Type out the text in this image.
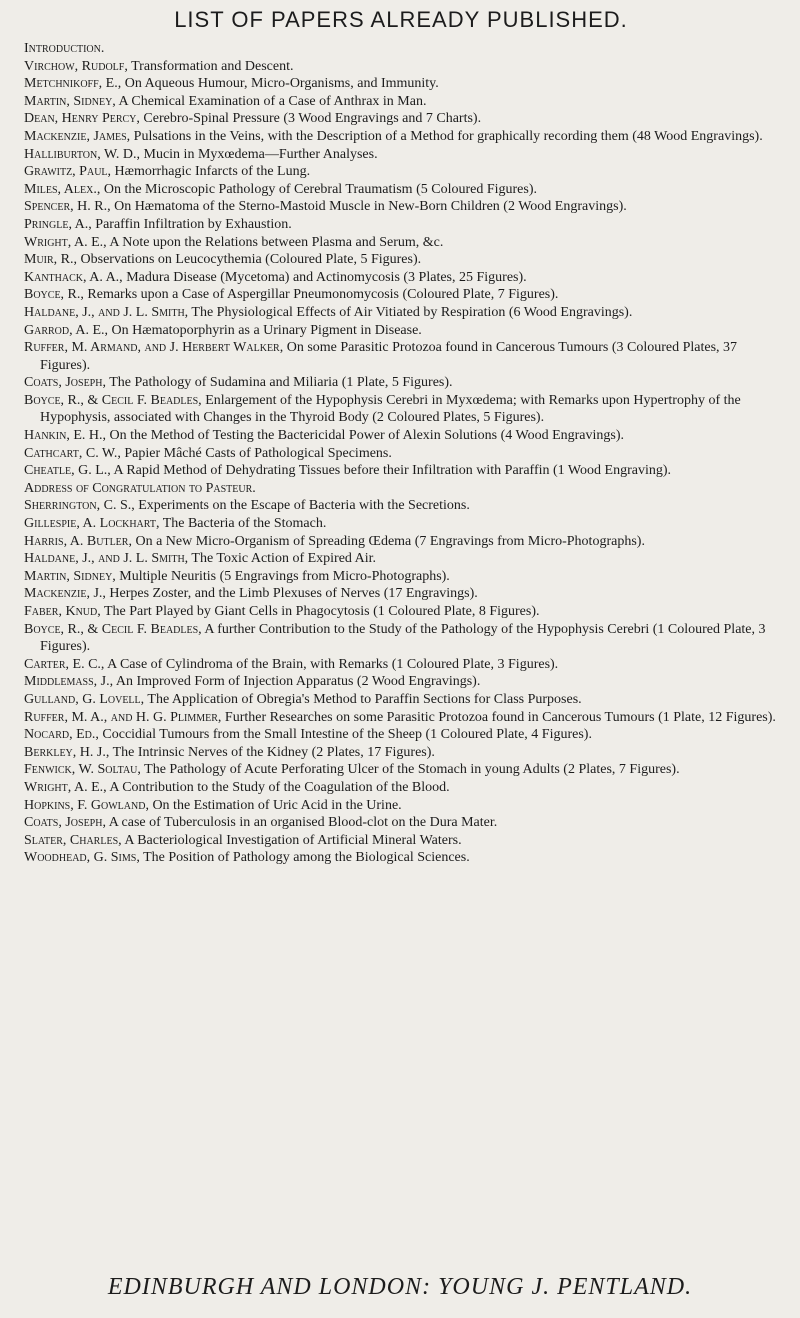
LIST OF PAPERS ALREADY PUBLISHED.
Introduction.
Virchow, Rudolf, Transformation and Descent.
Metchnikoff, E., On Aqueous Humour, Micro-Organisms, and Immunity.
Martin, Sidney, A Chemical Examination of a Case of Anthrax in Man.
Dean, Henry Percy, Cerebro-Spinal Pressure (3 Wood Engravings and 7 Charts).
Mackenzie, James, Pulsations in the Veins, with the Description of a Method for graphically recording them (48 Wood Engravings).
Halliburton, W. D., Mucin in Myxœdema—Further Analyses.
Grawitz, Paul, Hæmorrhagic Infarcts of the Lung.
Miles, Alex., On the Microscopic Pathology of Cerebral Traumatism (5 Coloured Figures).
Spencer, H. R., On Hæmatoma of the Sterno-Mastoid Muscle in New-Born Children (2 Wood Engravings).
Pringle, A., Paraffin Infiltration by Exhaustion.
Wright, A. E., A Note upon the Relations between Plasma and Serum, &c.
Muir, R., Observations on Leucocythemia (Coloured Plate, 5 Figures).
Kanthack, A. A., Madura Disease (Mycetoma) and Actinomycosis (3 Plates, 25 Figures).
Boyce, R., Remarks upon a Case of Aspergillar Pneumonomycosis (Coloured Plate, 7 Figures).
Haldane, J., and J. L. Smith, The Physiological Effects of Air Vitiated by Respiration (6 Wood Engravings).
Garrod, A. E., On Hæmatoporphyrin as a Urinary Pigment in Disease.
Ruffer, M. Armand, and J. Herbert Walker, On some Parasitic Protozoa found in Cancerous Tumours (3 Coloured Plates, 37 Figures).
Coats, Joseph, The Pathology of Sudamina and Miliaria (1 Plate, 5 Figures).
Boyce, R., & Cecil F. Beadles, Enlargement of the Hypophysis Cerebri in Myxœdema; with Remarks upon Hypertrophy of the Hypophysis, associated with Changes in the Thyroid Body (2 Coloured Plates, 5 Figures).
Hankin, E. H., On the Method of Testing the Bactericidal Power of Alexin Solutions (4 Wood Engravings).
Cathcart, C. W., Papier Mâché Casts of Pathological Specimens.
Cheatle, G. L., A Rapid Method of Dehydrating Tissues before their Infiltration with Paraffin (1 Wood Engraving).
Address of Congratulation to Pasteur.
Sherrington, C. S., Experiments on the Escape of Bacteria with the Secretions.
Gillespie, A. Lockhart, The Bacteria of the Stomach.
Harris, A. Butler, On a New Micro-Organism of Spreading Œdema (7 Engravings from Micro-Photographs).
Haldane, J., and J. L. Smith, The Toxic Action of Expired Air.
Martin, Sidney, Multiple Neuritis (5 Engravings from Micro-Photographs).
Mackenzie, J., Herpes Zoster, and the Limb Plexuses of Nerves (17 Engravings).
Faber, Knud, The Part Played by Giant Cells in Phagocytosis (1 Coloured Plate, 8 Figures).
Boyce, R., & Cecil F. Beadles, A further Contribution to the Study of the Pathology of the Hypophysis Cerebri (1 Coloured Plate, 3 Figures).
Carter, E. C., A Case of Cylindroma of the Brain, with Remarks (1 Coloured Plate, 3 Figures).
Middlemass, J., An Improved Form of Injection Apparatus (2 Wood Engravings).
Gulland, G. Lovell, The Application of Obregia's Method to Paraffin Sections for Class Purposes.
Ruffer, M. A., and H. G. Plimmer, Further Researches on some Parasitic Protozoa found in Cancerous Tumours (1 Plate, 12 Figures).
Nocard, Ed., Coccidial Tumours from the Small Intestine of the Sheep (1 Coloured Plate, 4 Figures).
Berkley, H. J., The Intrinsic Nerves of the Kidney (2 Plates, 17 Figures).
Fenwick, W. Soltau, The Pathology of Acute Perforating Ulcer of the Stomach in young Adults (2 Plates, 7 Figures).
Wright, A. E., A Contribution to the Study of the Coagulation of the Blood.
Hopkins, F. Gowland, On the Estimation of Uric Acid in the Urine.
Coats, Joseph, A case of Tuberculosis in an organised Blood-clot on the Dura Mater.
Slater, Charles, A Bacteriological Investigation of Artificial Mineral Waters.
Woodhead, G. Sims, The Position of Pathology among the Biological Sciences.
EDINBURGH AND LONDON: YOUNG J. PENTLAND.
